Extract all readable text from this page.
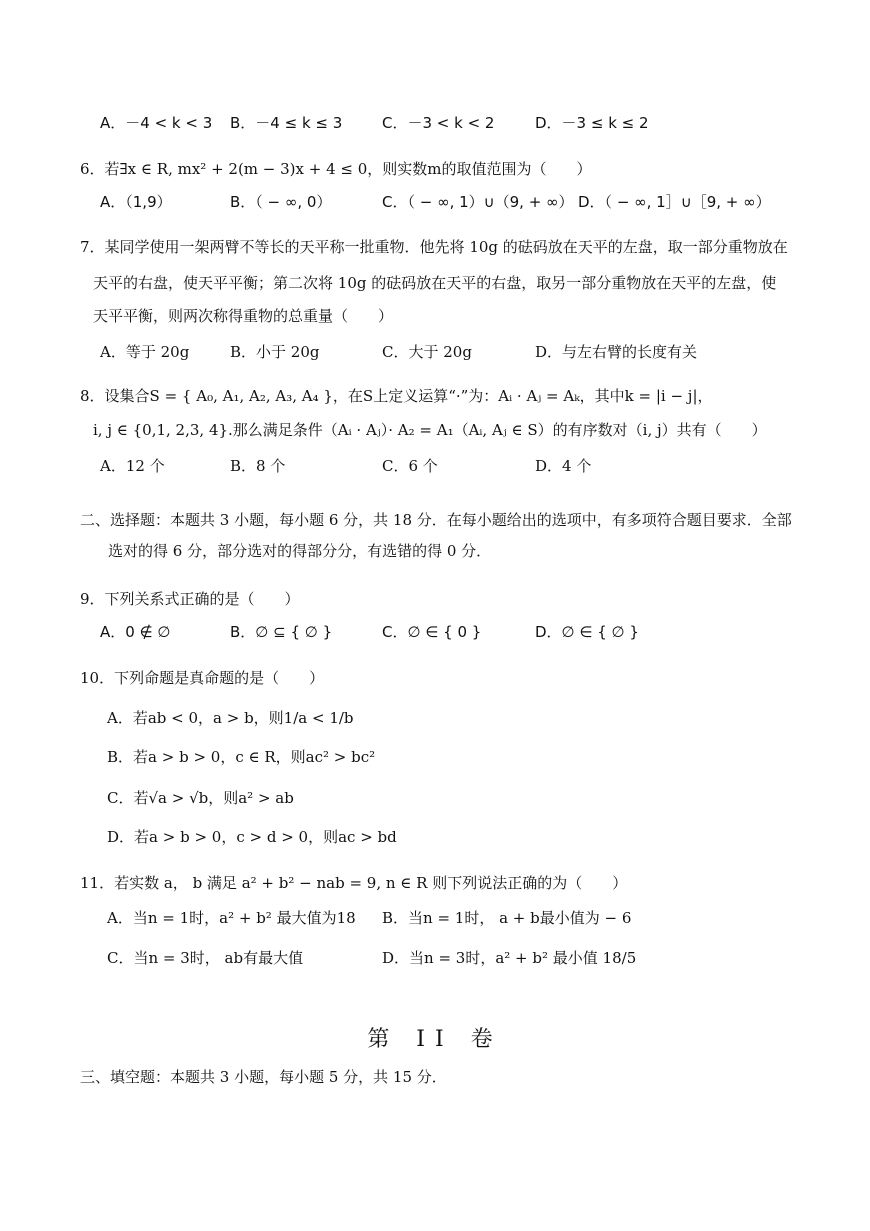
A．－4 < k < 3 B．－4 ≤ k ≤ 3	C．－3 < k < 2	D．－3 ≤ k ≤ 2
6．若∃x ∈ R, mx² + 2(m − 3)x + 4 ≤ 0，则实数m的取值范围为（　　）
A．（1,9）	B．（ − ∞, 0）	C．（ − ∞, 1）∪（9, + ∞） D．（ − ∞, 1］∪［9, + ∞）
7．某同学使用一架两臂不等长的天平称一批重物．他先将 10g 的砝码放在天平的左盘，取一部分重物放在
天平的右盘，使天平平衡；第二次将 10g 的砝码放在天平的右盘，取另一部分重物放在天平的左盘，使
天平平衡，则两次称得重物的总重量（　　）
A．等于 20g	B．小于 20g	C．大于 20g	D．与左右臂的长度有关
8．设集合S = { A₀, A₁, A₂, A₃, A₄ }，在S上定义运算“·”为：Aᵢ · Aⱼ = Aₖ，其中k = |i − j|，
i, j ∈ {0,1, 2,3, 4}.那么满足条件（Aᵢ · Aⱼ）· A₂ = A₁（Aᵢ, Aⱼ ∈ S）的有序数对（i, j）共有（　　）
A．12 个	B．8 个	C．6 个	D．4 个
二、选择题：本题共 3 小题，每小题 6 分，共 18 分．在每小题给出的选项中，有多项符合题目要求．全部
选对的得 6 分，部分选对的得部分分，有选错的得 0 分．
9．下列关系式正确的是（　　）
A．0 ∉ ∅	B．∅ ⊆ { ∅ }	C．∅ ∈ { 0 }	D．∅ ∈ { ∅ }
10．下列命题是真命题的是（　　）
A．若ab < 0，a > b，则1/a < 1/b
B．若a > b > 0，c ∈ R，则ac² > bc²
C．若√a > √b，则a² > ab
D．若a > b > 0，c > d > 0，则ac > bd
11．若实数 a， b 满足 a² + b² − nab = 9, n ∈ R 则下列说法正确的为（　　）
A．当n = 1时，a² + b² 最大值为18 B．当n = 1时， a + b最小值为 − 6
C．当n = 3时， ab有最大值	D．当n = 3时，a² + b² 最小值 18/5
第 II 卷
三、填空题：本题共 3 小题，每小题 5 分，共 15 分．
